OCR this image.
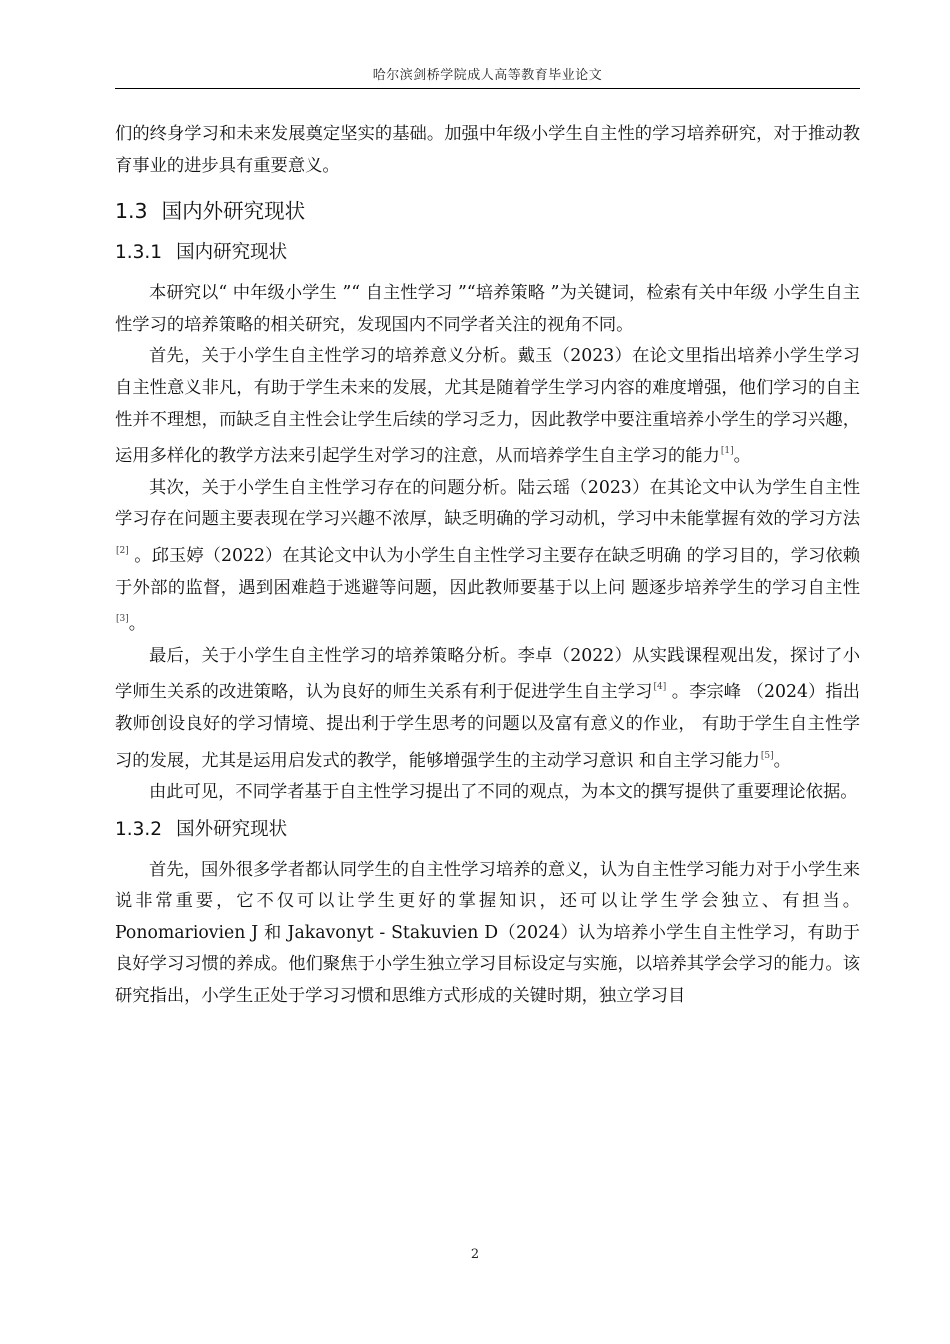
哈尔滨剑桥学院成人高等教育毕业论文

们的终身学习和未来发展奠定坚实的基础。加强中年级小学生自主性的学习培养研究，对于推动教育事业的进步具有重要意义。

1.3 国内外研究现状
1.3.1 国内研究现状

本研究以“ 中年级小学生 ”“ 自主性学习 ”“培养策略 ”为关键词，检索有关中年级 小学生自主性学习的培养策略的相关研究，发现国内不同学者关注的视角不同。

首先，关于小学生自主性学习的培养意义分析。戴玉（2023）在论文里指出培养小学生学习自主性意义非凡，有助于学生未来的发展，尤其是随着学生学习内容的难度增强，他们学习的自主性并不理想，而缺乏自主性会让学生后续的学习乏力，因此教学中要注重培养小学生的学习兴趣，运用多样化的教学方法来引起学生对学习的注意，从而培养学生自主学习的能力[1]。

其次，关于小学生自主性学习存在的问题分析。陆云瑶（2023）在其论文中认为学生自主性学习存在问题主要表现在学习兴趣不浓厚，缺乏明确的学习动机，学习中未能掌握有效的学习方法[2] 。邱玉婷（2022）在其论文中认为小学生自主性学习主要存在缺乏明确 的学习目的，学习依赖于外部的监督，遇到困难趋于逃避等问题，因此教师要基于以上问 题逐步培养学生的学习自主性[3]。

最后，关于小学生自主性学习的培养策略分析。李卓（2022）从实践课程观出发，探讨了小学师生关系的改进策略，认为良好的师生关系有利于促进学生自主学习[4] 。李宗峰 （2024）指出教师创设良好的学习情境、提出利于学生思考的问题以及富有意义的作业， 有助于学生自主性学习的发展，尤其是运用启发式的教学，能够增强学生的主动学习意识 和自主学习能力[5]。

由此可见，不同学者基于自主性学习提出了不同的观点，为本文的撰写提供了重要理论依据。

1.3.2 国外研究现状

首先，国外很多学者都认同学生的自主性学习培养的意义，认为自主性学习能力对于小学生来说非常重要，它不仅可以让学生更好的掌握知识，还可以让学生学会独立、有担当。Ponomariovien J 和 Jakavonyt - Stakuvien D（2024）认为培养小学生自主性学习，有助于良好学习习惯的养成。他们聚焦于小学生独立学习目标设定与实施，以培养其学会学习的能力。该研究指出，小学生正处于学习习惯和思维方式形成的关键时期，独立学习目

2
